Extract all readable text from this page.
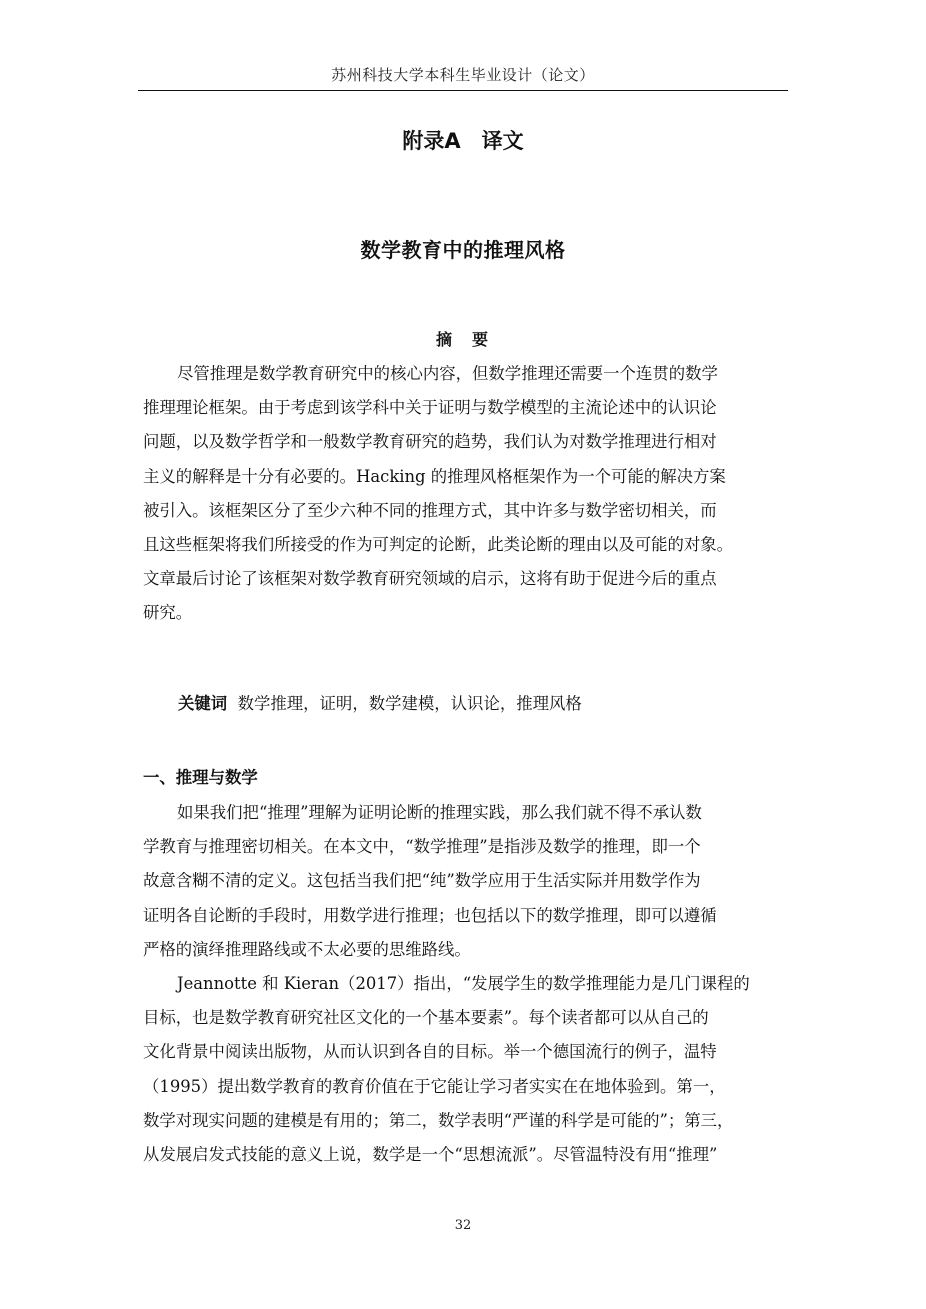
苏州科技大学本科生毕业设计（论文）
附录A　译文
数学教育中的推理风格
摘　要
尽管推理是数学教育研究中的核心内容，但数学推理还需要一个连贯的数学
推理理论框架。由于考虑到该学科中关于证明与数学模型的主流论述中的认识论
问题，以及数学哲学和一般数学教育研究的趋势，我们认为对数学推理进行相对
主义的解释是十分有必要的。Hacking 的推理风格框架作为一个可能的解决方案
被引入。该框架区分了至少六种不同的推理方式，其中许多与数学密切相关，而
且这些框架将我们所接受的作为可判定的论断，此类论断的理由以及可能的对象。
文章最后讨论了该框架对数学教育研究领域的启示，这将有助于促进今后的重点
研究。
关键词 数学推理，证明，数学建模，认识论，推理风格
一、推理与数学
如果我们把“推理”理解为证明论断的推理实践，那么我们就不得不承认数
学教育与推理密切相关。在本文中，“数学推理”是指涉及数学的推理，即一个
故意含糊不清的定义。这包括当我们把“纯”数学应用于生活实际并用数学作为
证明各自论断的手段时，用数学进行推理；也包括以下的数学推理，即可以遵循
严格的演绎推理路线或不太必要的思维路线。
Jeannotte 和 Kieran（2017）指出，“发展学生的数学推理能力是几门课程的
目标，也是数学教育研究社区文化的一个基本要素”。每个读者都可以从自己的
文化背景中阅读出版物，从而认识到各自的目标。举一个德国流行的例子，温特
（1995）提出数学教育的教育价值在于它能让学习者实实在在地体验到。第一，
数学对现实问题的建模是有用的；第二，数学表明“严谨的科学是可能的”；第三，
从发展启发式技能的意义上说，数学是一个“思想流派”。尽管温特没有用“推理”
32
